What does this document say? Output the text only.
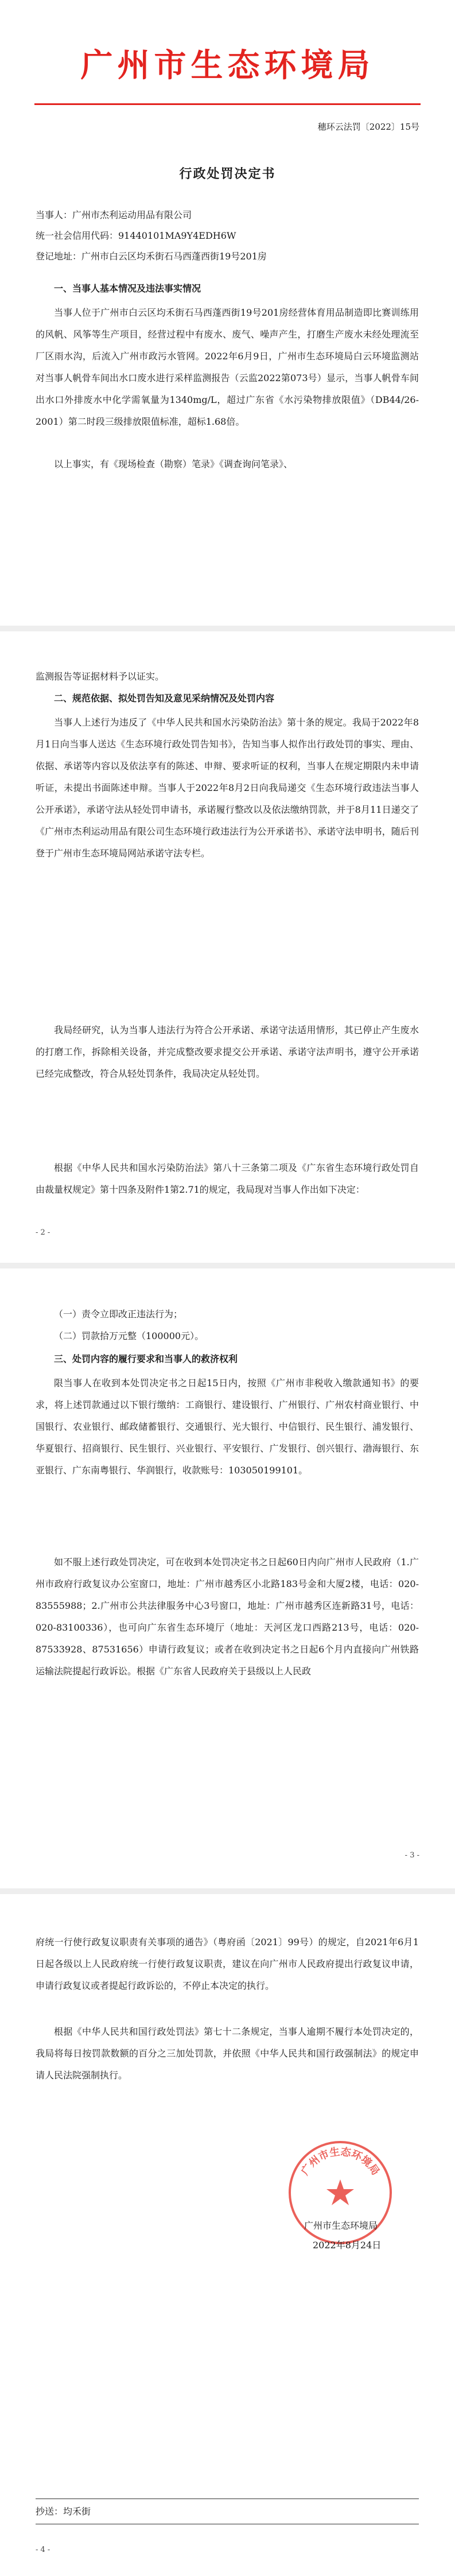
广州市生态环境局
穗环云法罚〔2022〕15号
行政处罚决定书
当事人：广州市杰利运动用品有限公司
统一社会信用代码：91440101MA9Y4EDH6W
登记地址：广州市白云区均禾街石马西蓬西街19号201房
一、当事人基本情况及违法事实情况
当事人位于广州市白云区均禾街石马西蓬西街19号201房经营体育用品制造即比赛训练用的风帆、风筝等生产项目，经营过程中有废水、废气、噪声产生，打磨生产废水未经处理流至厂区雨水沟，后流入广州市政污水管网。2022年6月9日，广州市生态环境局白云环境监测站对当事人帆骨车间出水口废水进行采样监测报告（云监2022第073号）显示，当事人帆骨车间出水口外排废水中化学需氧量为1340mg/L，超过广东省《水污染物排放限值》（DB44/26-2001）第二时段三级排放限值标准，超标1.68倍。
以上事实，有《现场检查（勘察）笔录》《调查询问笔录》、
监测报告等证据材料予以证实。
二、规范依据、拟处罚告知及意见采纳情况及处罚内容
当事人上述行为违反了《中华人民共和国水污染防治法》第十条的规定。我局于2022年8月1日向当事人送达《生态环境行政处罚告知书》，告知当事人拟作出行政处罚的事实、理由、依据、承诺等内容以及依法享有的陈述、申辩、要求听证的权利，当事人在规定期限内未申请听证，未提出书面陈述申辩。当事人于2022年8月2日向我局递交《生态环境行政违法当事人公开承诺》，承诺守法从轻处罚申请书，承诺履行整改以及依法缴纳罚款，并于8月11日递交了《广州市杰利运动用品有限公司生态环境行政违法行为公开承诺书》、承诺守法申明书，随后刊登于广州市生态环境局网站承诺守法专栏。
我局经研究，认为当事人违法行为符合公开承诺、承诺守法适用情形，其已停止产生废水的打磨工作，拆除相关设备，并完成整改要求提交公开承诺、承诺守法声明书，遵守公开承诺已经完成整改，符合从轻处罚条件，我局决定从轻处罚。
根据《中华人民共和国水污染防治法》第八十三条第二项及《广东省生态环境行政处罚自由裁量权规定》第十四条及附件1第2.71的规定，我局现对当事人作出如下决定：
- 2 -
（一）责令立即改正违法行为；
（二）罚款拾万元整（100000元）。
三、处罚内容的履行要求和当事人的救济权利
限当事人在收到本处罚决定书之日起15日内，按照《广州市非税收入缴款通知书》的要求，将上述罚款通过以下银行缴纳：工商银行、建设银行、广州银行、广州农村商业银行、中国银行、农业银行、邮政储蓄银行、交通银行、光大银行、中信银行、民生银行、浦发银行、华夏银行、招商银行、民生银行、兴业银行、平安银行、广发银行、创兴银行、渤海银行、东亚银行、广东南粤银行、华润银行，收款账号：103050199101。
如不服上述行政处罚决定，可在收到本处罚决定书之日起60日内向广州市人民政府（1.广州市政府行政复议办公室窗口，地址：广州市越秀区小北路183号金和大厦2楼，电话：020-83555988；2.广州市公共法律服务中心3号窗口，地址：广州市越秀区连新路31号，电话：020-83100336），也可向广东省生态环境厅（地址：天河区龙口西路213号，电话：020-87533928、87531656）申请行政复议；或者在收到决定书之日起6个月内直接向广州铁路运输法院提起行政诉讼。根据《广东省人民政府关于县级以上人民政
- 3 -
府统一行使行政复议职责有关事项的通告》（粤府函〔2021〕99号）的规定，自2021年6月1日起各级以上人民政府统一行使行政复议职责，建议在向广州市人民政府提出行政复议申请，申请行政复议或者提起行政诉讼的，不停止本决定的执行。
根据《中华人民共和国行政处罚法》第七十二条规定，当事人逾期不履行本处罚决定的，我局将每日按罚款数额的百分之三加处罚款，并依照《中华人民共和国行政强制法》的规定申请人民法院强制执行。
广州市生态环境局
广州市生态环境局
2022年8月24日
抄送：均禾街
- 4 -
